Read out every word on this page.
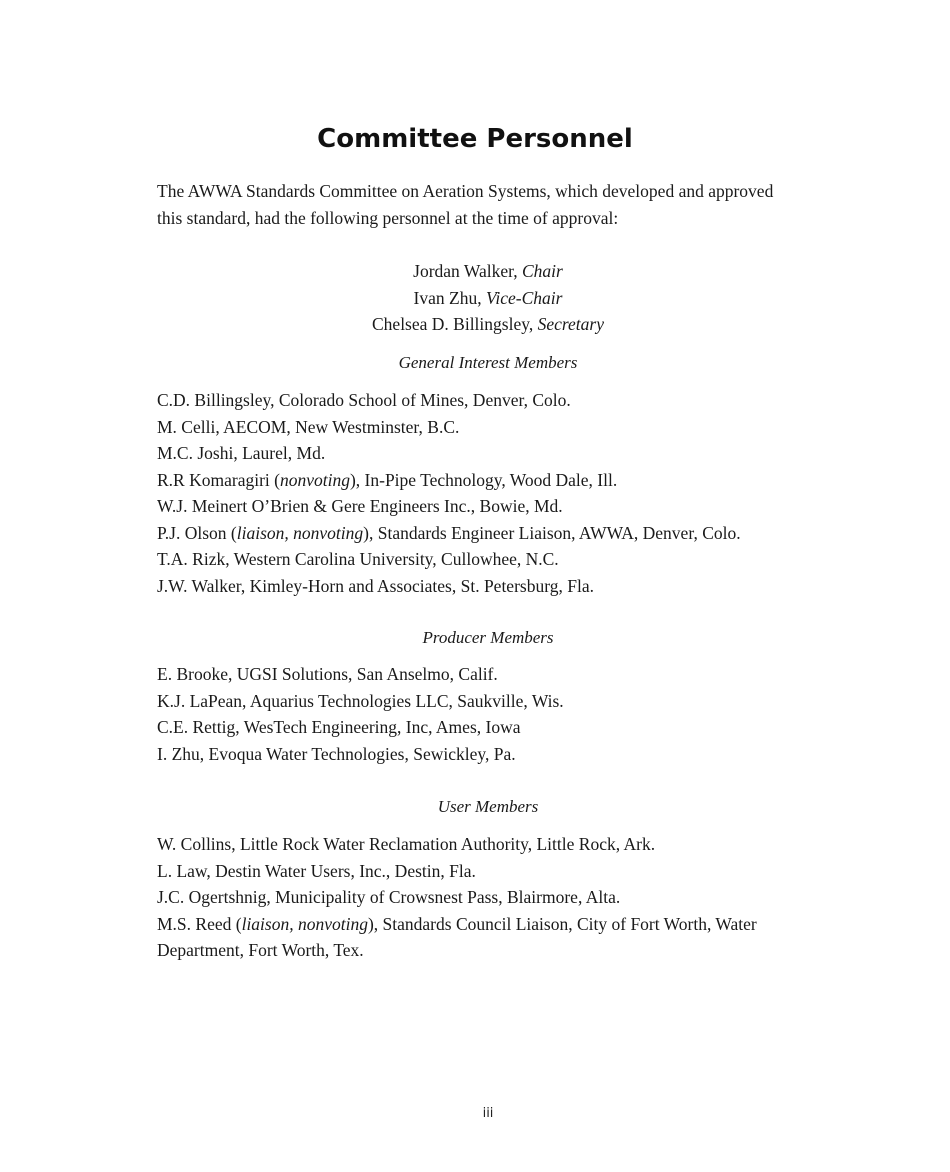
Committee Personnel

The AWWA Standards Committee on Aeration Systems, which developed and approved this standard, had the following personnel at the time of approval:

Jordan Walker, Chair
Ivan Zhu, Vice-Chair
Chelsea D. Billingsley, Secretary
General Interest Members
C.D. Billingsley, Colorado School of Mines, Denver, Colo.
M. Celli, AECOM, New Westminster, B.C.
M.C. Joshi, Laurel, Md.
R.R Komaragiri (nonvoting), In-Pipe Technology, Wood Dale, Ill.
W.J. Meinert O’Brien & Gere Engineers Inc., Bowie, Md.
P.J. Olson (liaison, nonvoting), Standards Engineer Liaison, AWWA, Denver, Colo.
T.A. Rizk, Western Carolina University, Cullowhee, N.C.
J.W. Walker, Kimley-Horn and Associates, St. Petersburg, Fla.
Producer Members
E. Brooke, UGSI Solutions, San Anselmo, Calif.
K.J. LaPean, Aquarius Technologies LLC, Saukville, Wis.
C.E. Rettig, WesTech Engineering, Inc, Ames, Iowa
I. Zhu, Evoqua Water Technologies, Sewickley, Pa.
User Members
W. Collins, Little Rock Water Reclamation Authority, Little Rock, Ark.
L. Law, Destin Water Users, Inc., Destin, Fla.
J.C. Ogertshnig, Municipality of Crowsnest Pass, Blairmore, Alta.
M.S. Reed (liaison, nonvoting), Standards Council Liaison, City of Fort Worth, Water Department, Fort Worth, Tex.
iii
